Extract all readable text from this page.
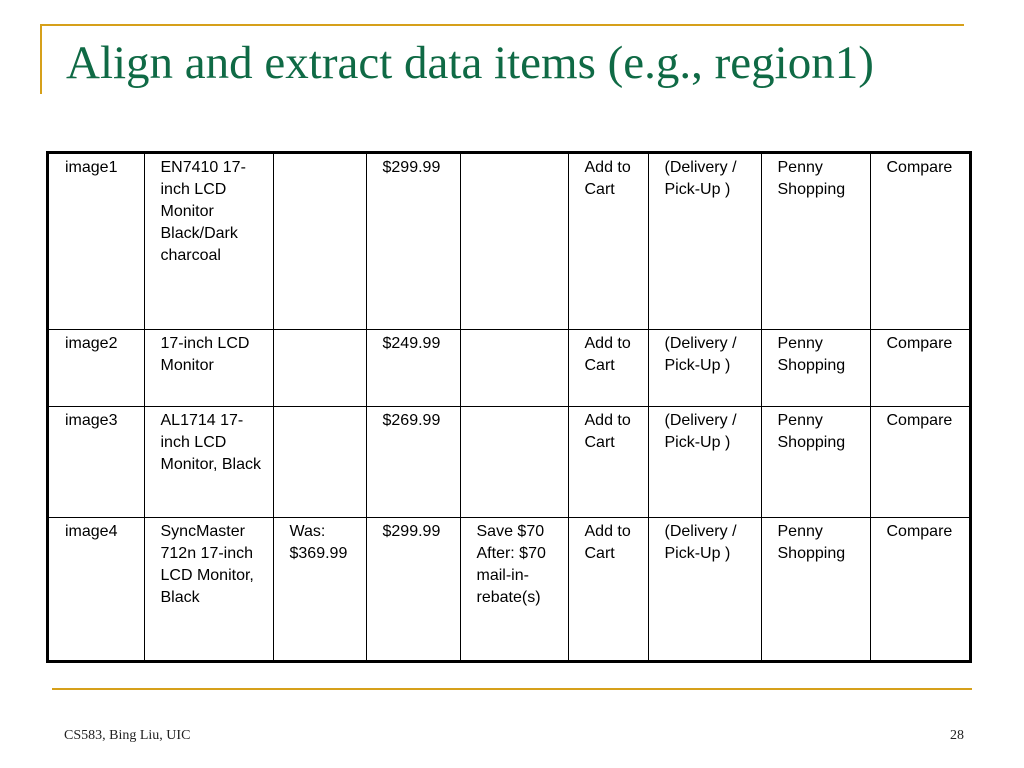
Align and extract data items (e.g., region1)
image1	EN7410 17-inch LCD Monitor Black/Dark charcoal		$299.99		Add to Cart	(Delivery / Pick-Up )	Penny Shopping	Compare
image2	17-inch LCD Monitor		$249.99		Add to Cart	(Delivery / Pick-Up )	Penny Shopping	Compare
image3	AL1714 17-inch LCD Monitor, Black		$269.99		Add to Cart	(Delivery / Pick-Up )	Penny Shopping	Compare
image4	SyncMaster 712n 17-inch LCD Monitor, Black	Was: $369.99	$299.99	Save $70 After: $70 mail-in-rebate(s)	Add to Cart	(Delivery / Pick-Up )	Penny Shopping	Compare
CS583, Bing Liu, UIC	28
